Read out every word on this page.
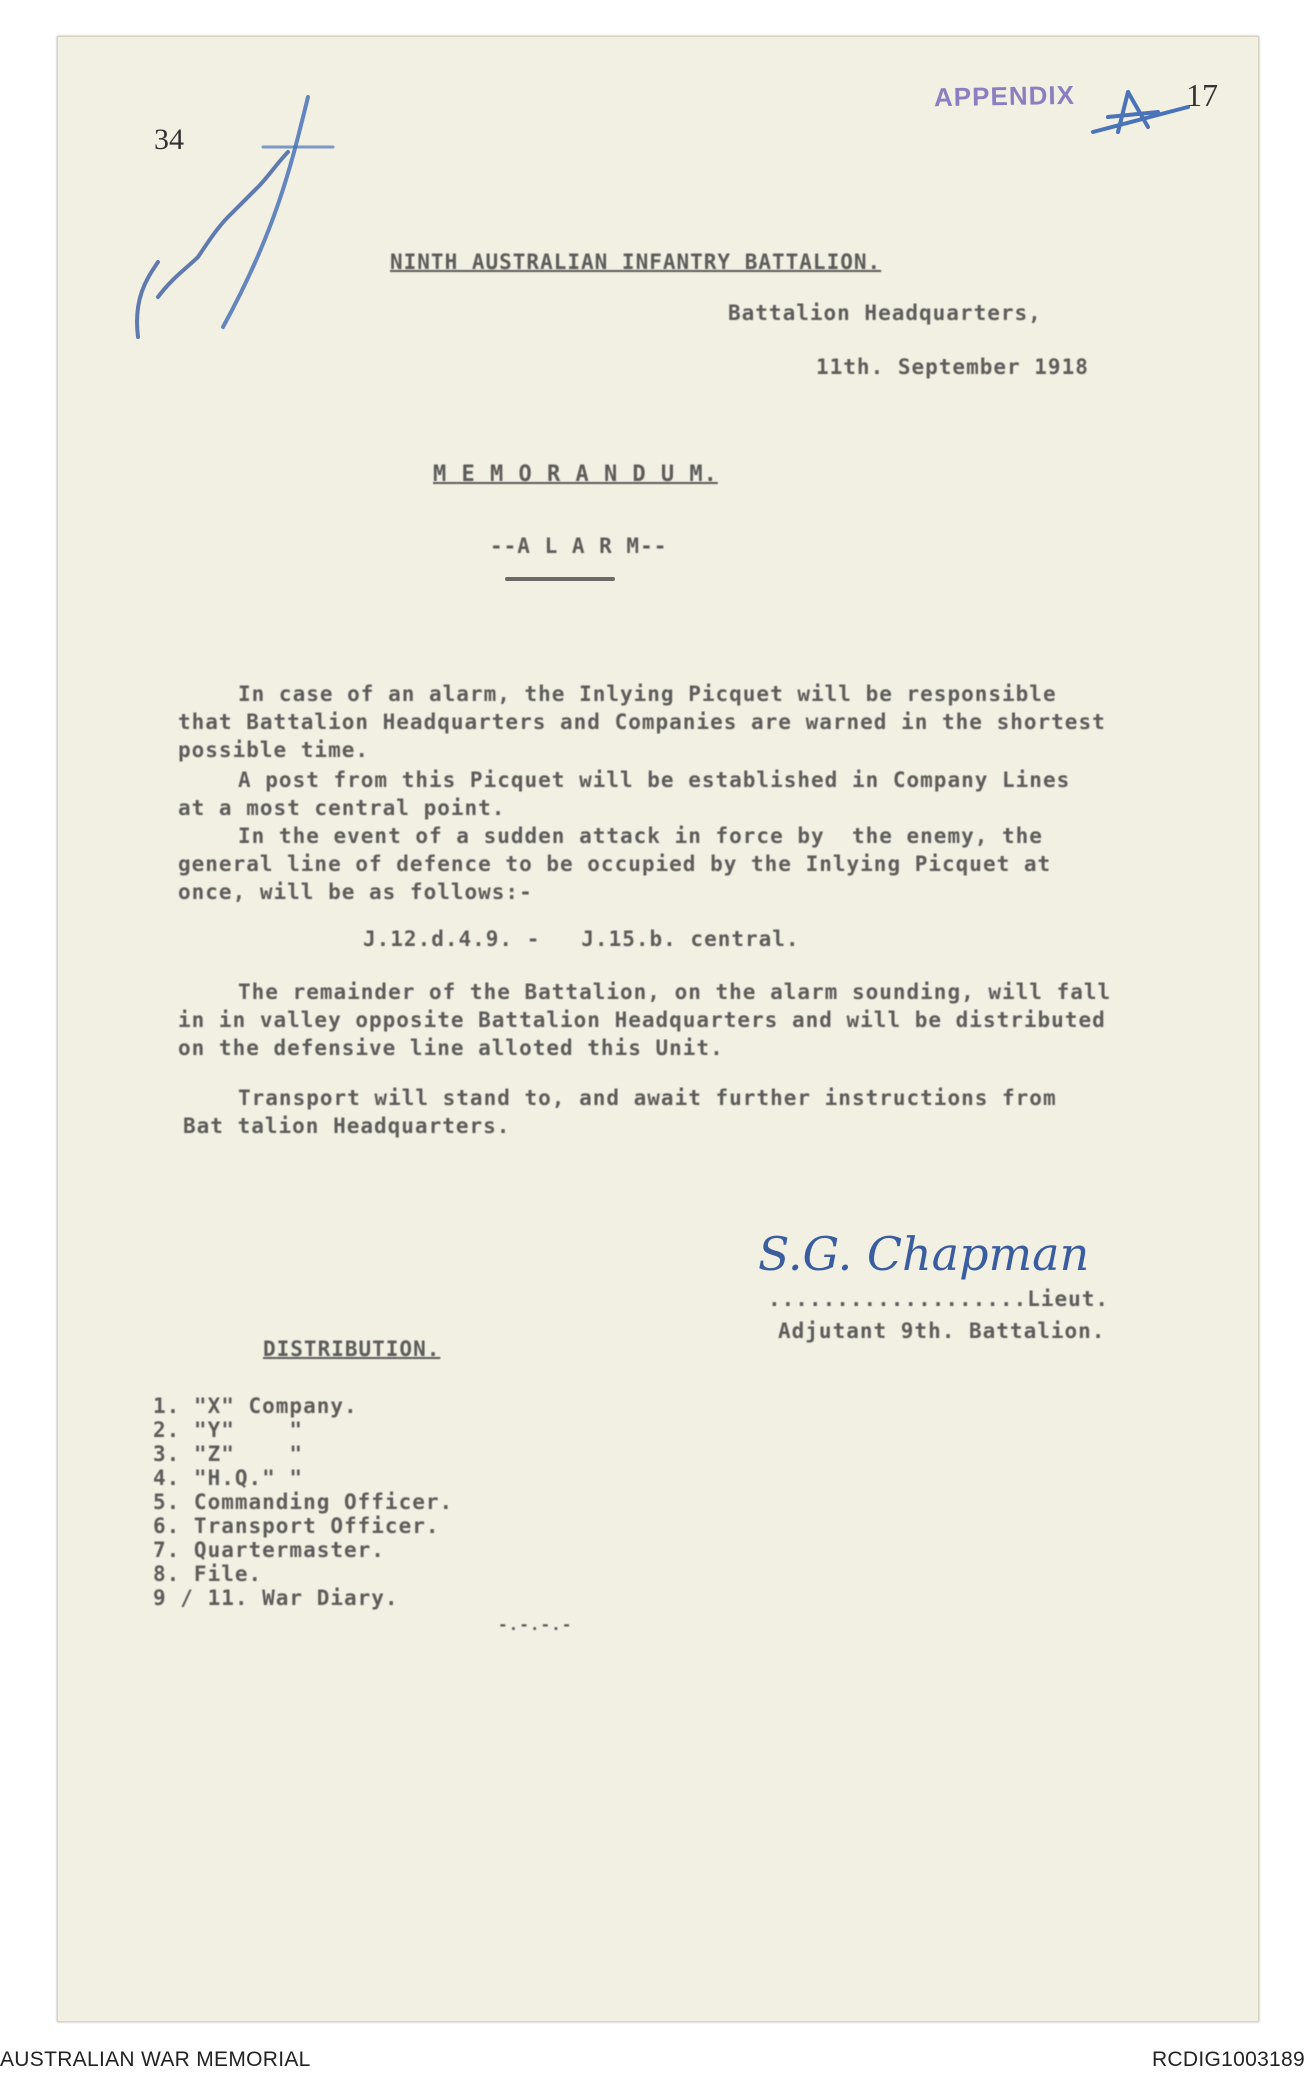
34
APPENDIX	17
NINTH AUSTRALIAN INFANTRY BATTALION.
Battalion Headquarters,
11th. September 1918
M E M O R A N D U M.
--A L A R M--
In case of an alarm, the Inlying Picquet will be responsible
that Battalion Headquarters and Companies are warned in the shortest
possible time.
A post from this Picquet will be established in Company Lines
at a most central point.
In the event of a sudden attack in force by  the enemy, the
general line of defence to be occupied by the Inlying Picquet at
once, will be as follows:-
J.12.d.4.9. -   J.15.b. central.
The remainder of the Battalion, on the alarm sounding, will fall
in in valley opposite Battalion Headquarters and will be distributed
on the defensive line alloted this Unit.
Transport will stand to, and await further instructions from
Bat talion Headquarters.
S.G. Chapman
...................Lieut.
Adjutant 9th. Battalion.
DISTRIBUTION.
1. "X" Company.
2. "Y"    "
3. "Z"    "
4. "H.Q." "
5. Commanding Officer.
6. Transport Officer.
7. Quartermaster.
8. File.
9 / 11. War Diary.
-.-.-.-
AUSTRALIAN WAR MEMORIAL	RCDIG1003189
